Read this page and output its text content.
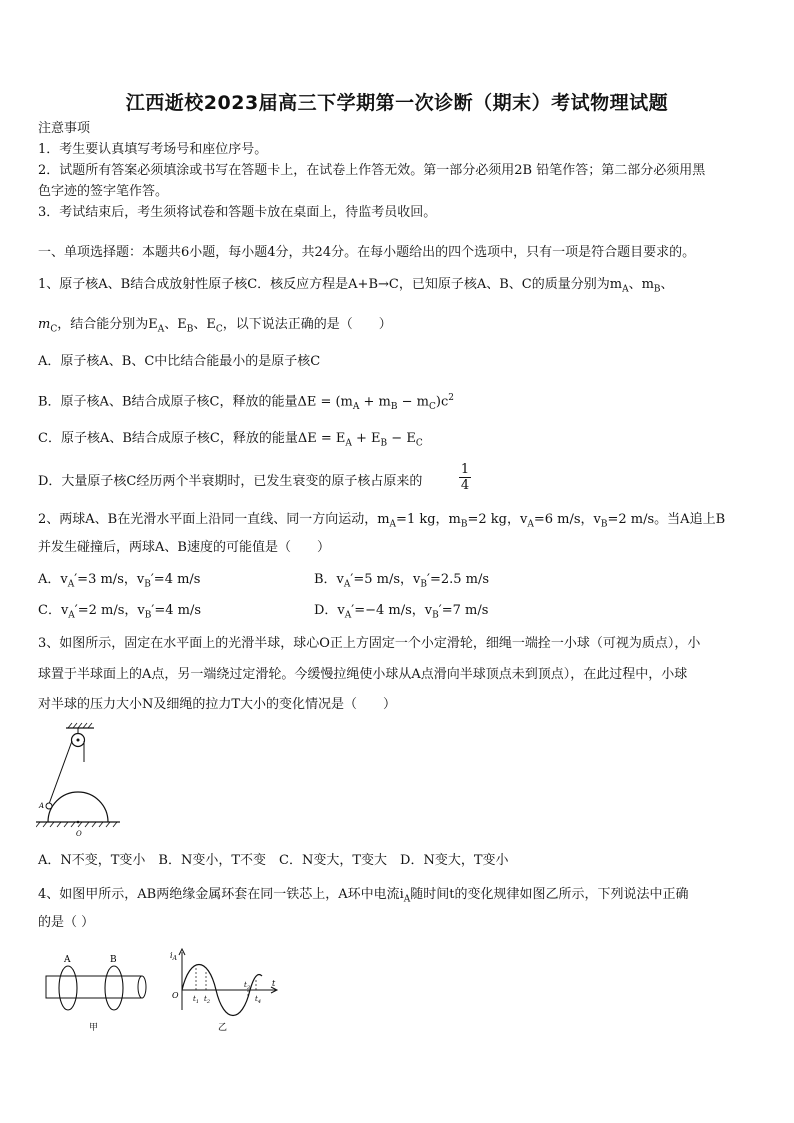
江西逝校2023届高三下学期第一次诊断（期末）考试物理试题
注意事项
1．考生要认真填写考场号和座位序号。
2．试题所有答案必须填涂或书写在答题卡上，在试卷上作答无效。第一部分必须用2B 铅笔作答；第二部分必须用黑
色字迹的签字笔作答。
3．考试结束后，考生须将试卷和答题卡放在桌面上，待监考员收回。
一、单项选择题：本题共6小题，每小题4分，共24分。在每小题给出的四个选项中，只有一项是符合题目要求的。
1、原子核A、B结合成放射性原子核C．核反应方程是A+B→C，已知原子核A、B、C的质量分别为$m_A$、$m_B$、
$m_C$，结合能分别为$E_A$、$E_B$、$E_C$，以下说法正确的是（　　）
A．原子核A、B、C中比结合能最小的是原子核C
B．原子核A、B结合成原子核C，释放的能量$\Delta E = (m_A + m_B - m_C)c^2$
C．原子核A、B结合成原子核C，释放的能量$\Delta E = E_A + E_B - E_C$
D．大量原子核C经历两个半衰期时，已发生衰变的原子核占原来的	$\frac{1}{4}$
2、两球A、B在光滑水平面上沿同一直线、同一方向运动，$m_A=1$ kg，$m_B=2$ kg，$v_A=6$ m/s，$v_B=2$ m/s。当A追上B
并发生碰撞后，两球A、B速度的可能值是（　　）
A．$v_A'=3$ m/s，$v_B'=4$ m/s	B．$v_A'=5$ m/s，$v_B'=2.5$ m/s
C．$v_A'=2$ m/s，$v_B'=4$ m/s	D．$v_A'=-4$ m/s，$v_B'=7$ m/s
3、如图所示，固定在水平面上的光滑半球，球心O正上方固定一个小定滑轮，细绳一端拴一小球（可视为质点），小
球置于半球面上的A点，另一端绕过定滑轮。今缓慢拉绳使小球从A点滑向半球顶点未到顶点），在此过程中，小球
对半球的压力大小N及细绳的拉力T大小的变化情况是（　　）
A
O
A．N不变，T变小　B．N变小，T不变　C．N变大，T变大　D．N变大，T变小
4、如图甲所示，AB两绝缘金属环套在同一铁芯上，A环中电流$i_A$随时间t的变化规律如图乙所示，下列说法中正确
的是（ ）
A	B
甲
$i_A$
O
t
$t_1$ $t_2$
$t_3$
$t_4$
乙
